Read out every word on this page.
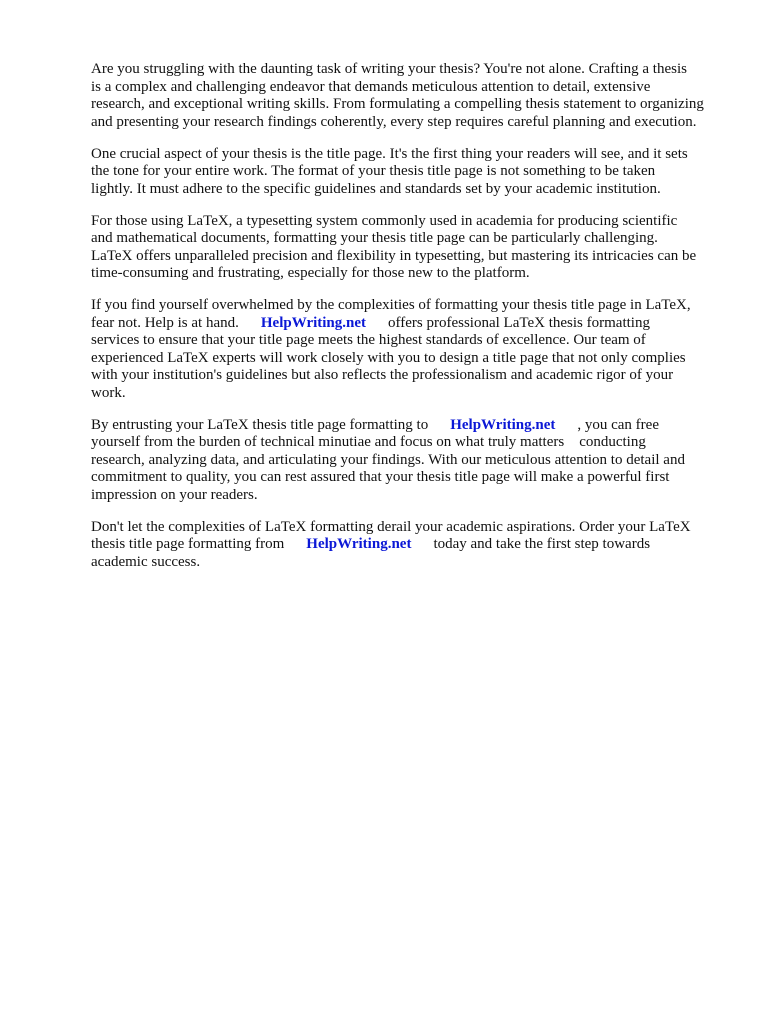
Are you struggling with the daunting task of writing your thesis? You're not alone. Crafting a thesis
is a complex and challenging endeavor that demands meticulous attention to detail, extensive
research, and exceptional writing skills. From formulating a compelling thesis statement to organizing
and presenting your research findings coherently, every step requires careful planning and execution.

One crucial aspect of your thesis is the title page. It's the first thing your readers will see, and it sets
the tone for your entire work. The format of your thesis title page is not something to be taken
lightly. It must adhere to the specific guidelines and standards set by your academic institution.

For those using LaTeX, a typesetting system commonly used in academia for producing scientific
and mathematical documents, formatting your thesis title page can be particularly challenging.
LaTeX offers unparalleled precision and flexibility in typesetting, but mastering its intricacies can be
time-consuming and frustrating, especially for those new to the platform.

If you find yourself overwhelmed by the complexities of formatting your thesis title page in LaTeX,
fear not. Help is at hand. HelpWriting.net offers professional LaTeX thesis formatting
services to ensure that your title page meets the highest standards of excellence. Our team of
experienced LaTeX experts will work closely with you to design a title page that not only complies
with your institution's guidelines but also reflects the professionalism and academic rigor of your
work.

By entrusting your LaTeX thesis title page formatting to HelpWriting.net , you can free
yourself from the burden of technical minutiae and focus on what truly matters    conducting
research, analyzing data, and articulating your findings. With our meticulous attention to detail and
commitment to quality, you can rest assured that your thesis title page will make a powerful first
impression on your readers.

Don't let the complexities of LaTeX formatting derail your academic aspirations. Order your LaTeX
thesis title page formatting from HelpWriting.net today and take the first step towards
academic success.
